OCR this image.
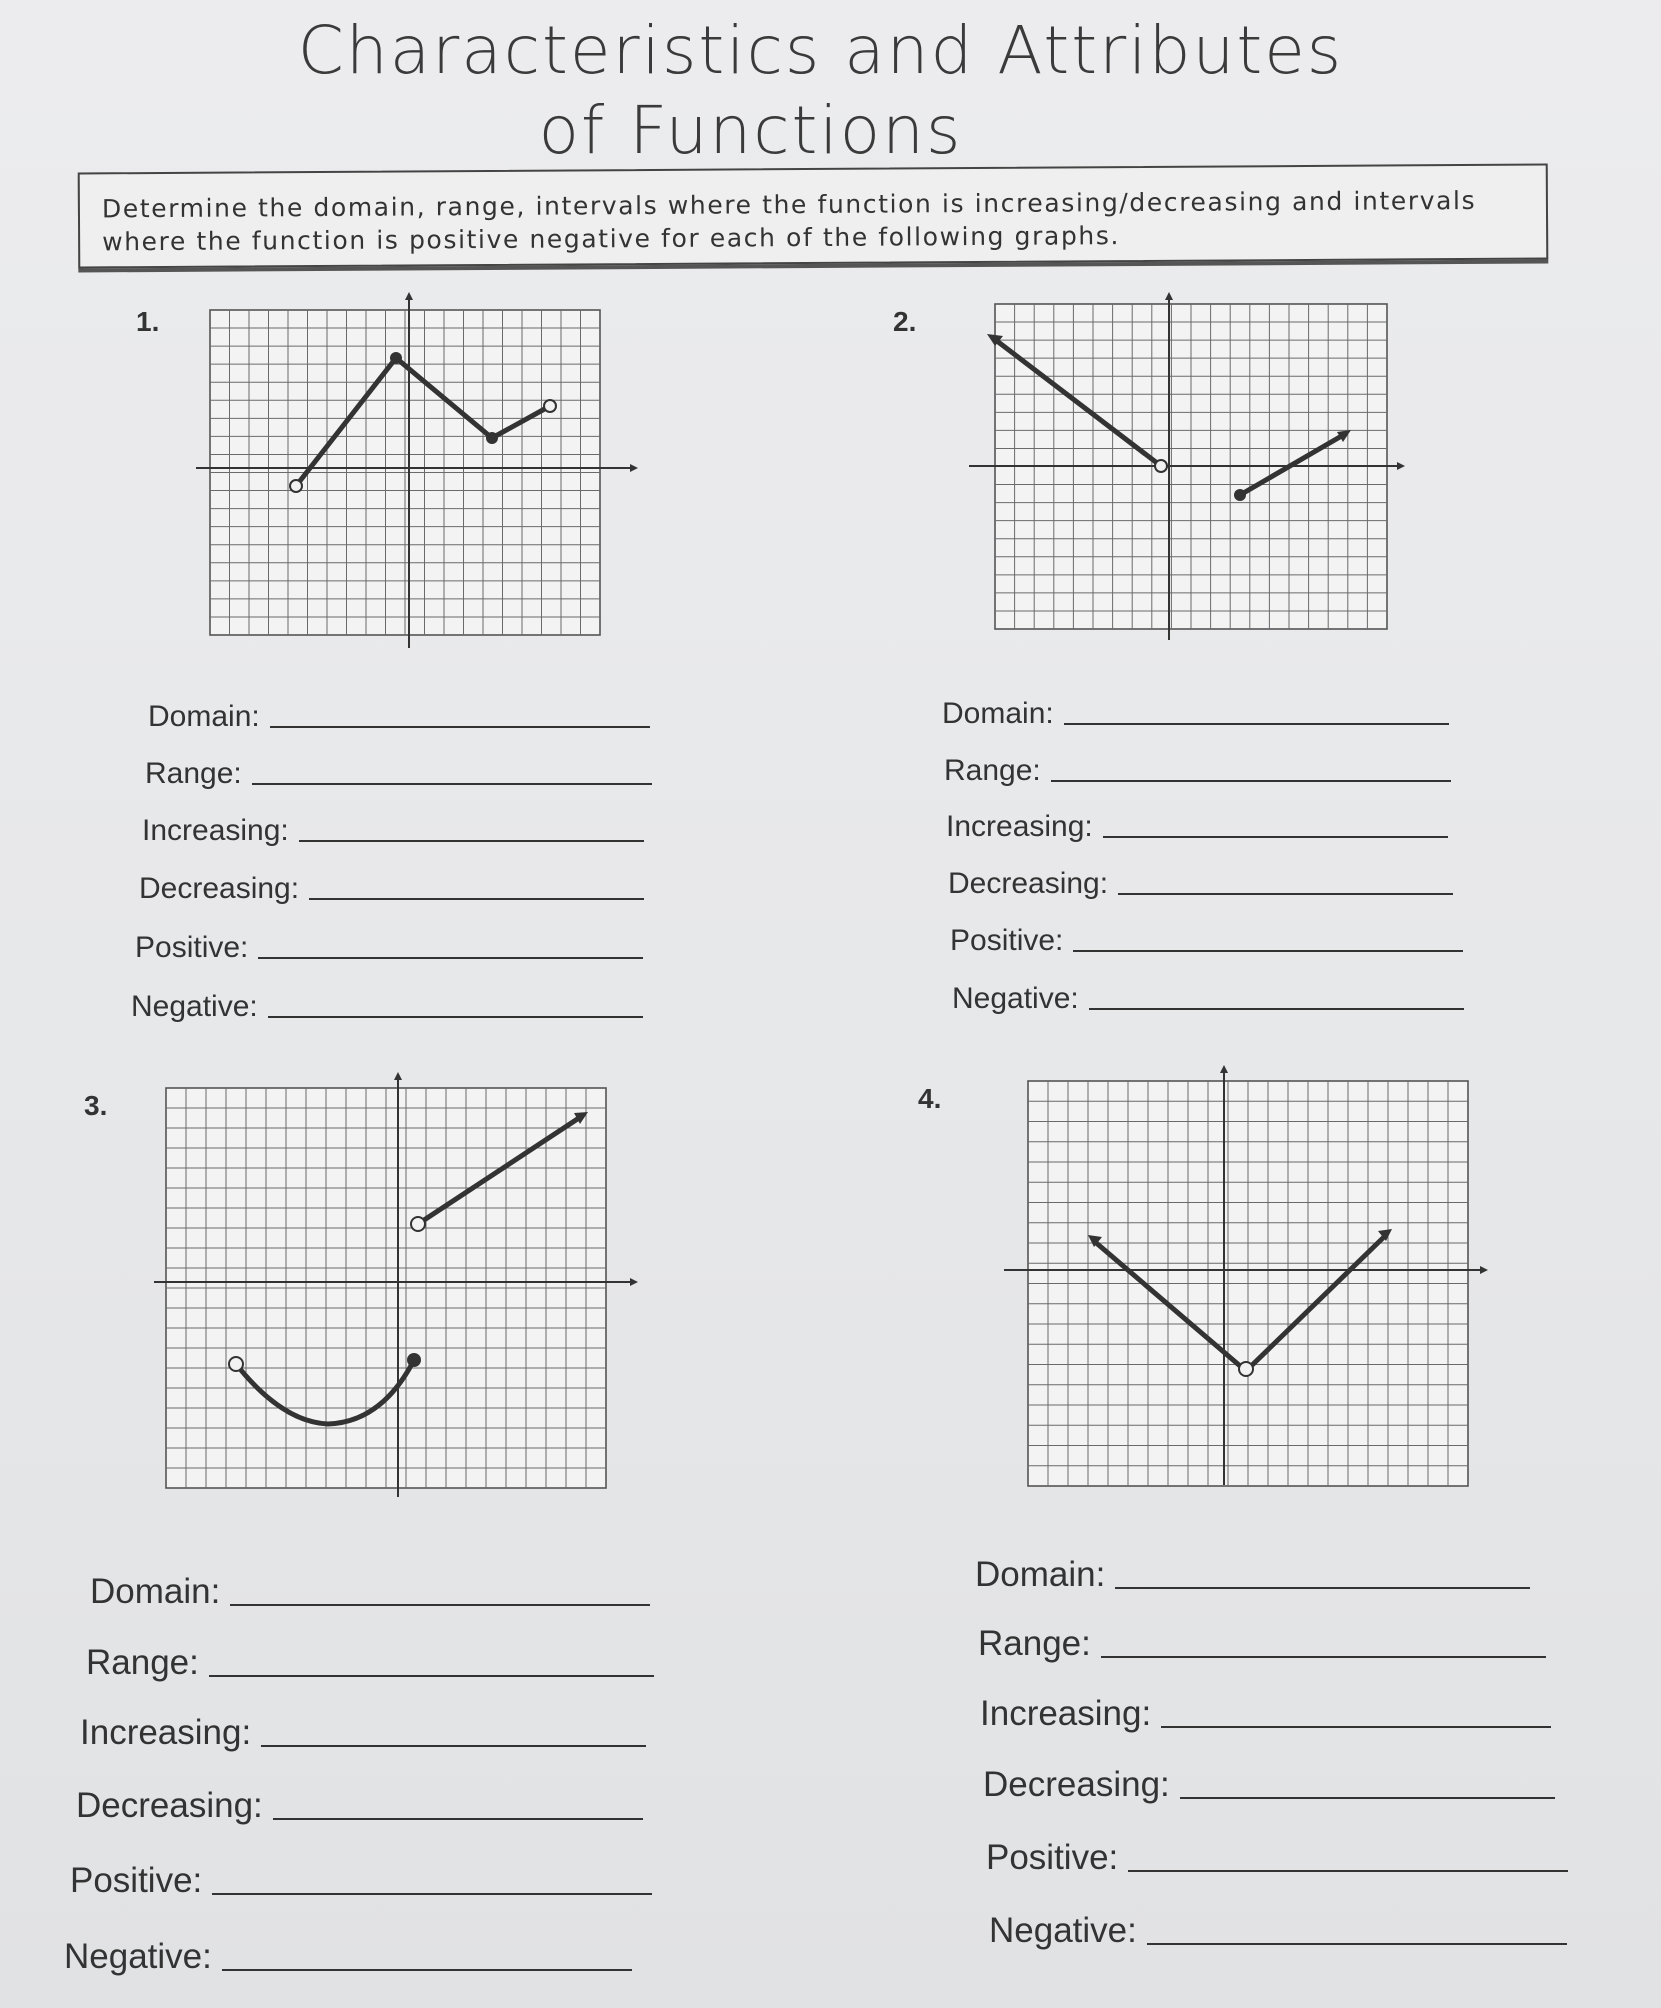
Characteristics and Attributes
of Functions
Determine the domain, range, intervals where the function is increasing/decreasing and intervals where the function is positive negative for each of the following graphs.
1.
Domain:
Range:
Increasing:
Decreasing:
Positive:
Negative:
2.
Domain:
Range:
Increasing:
Decreasing:
Positive:
Negative:
3.
Domain:
Range:
Increasing:
Decreasing:
Positive:
Negative:
4.
Domain:
Range:
Increasing:
Decreasing:
Positive:
Negative:
